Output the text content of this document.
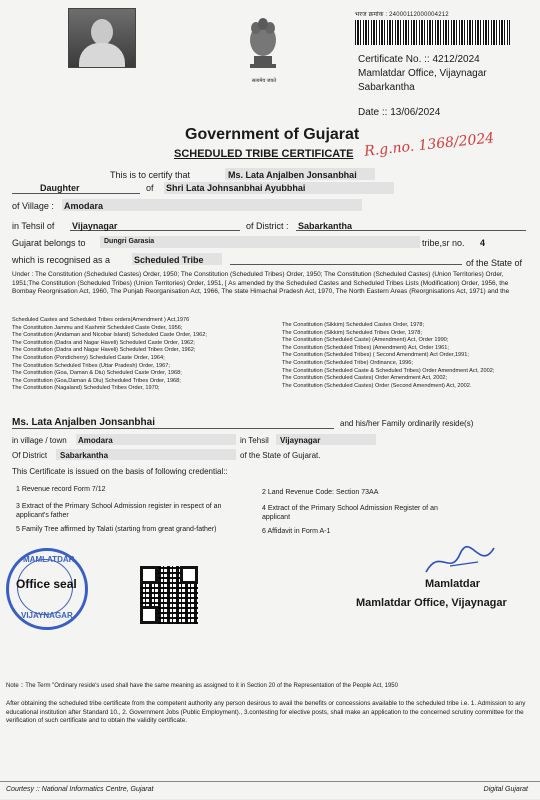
सत्यमेव जयते
भरज क्रमांक : 24000112000004212
Certificate No. :: 4212/2024
Mamlatdar Office, Vijaynagar
Sabarkantha
Date :: 13/06/2024
Government of Gujarat
SCHEDULED TRIBE CERTIFICATE R.g.no. 1368/2024
This is to certify that	Ms. Lata Anjalben Jonsanbhai
Daughter	of Shri Lata Johnsanbhai Ayubbhai
of Village : Amodara
in Tehsil of Vijaynagar	of District : Sabarkantha
Gujarat belongs to	Dungri Garasia	tribe,sr no. 4
which is recognised as a	Scheduled Tribe	of the State of
Under : The Constitution (Scheduled Castes) Order, 1950; The Constitution (Scheduled Tribes) Order, 1950; The Constitution (Scheduled Castes) (Union Territories) Order, 1951;The Constitution (Scheduled Tribes) (Union Territories) Order, 1951, [ As amended by the Scheduled Castes and Scheduled Tribes Lists (Modification) Order, 1956, the Bombay Reorgnisation Act, 1960, The Punjab Reorganisation Act, 1966, The state Himachal Pradesh Act, 1970, The North Eastern Areas (Reorgnisations Act, 1971) and the
Scheduled Castes and Scheduled Tribes orders(Amendment ) Act,1976
The Constitution Jammu and Kashmir Scheduled Caste Order, 1956;
The Constitution (Andaman and Nicobar Island) Scheduled Caste Order, 1962;
The Constitution (Dadra and Nagar Haveli) Scheduled Caste Order, 1962;
The Constitution (Dadra and Nagar Haveli) Scheduled Tribes Order, 1962;
The Constitution (Pondicherry) Scheduled Caste Order, 1964;
The Constitution Scheduled Tribes (Uttar Pradesh) Order, 1967;
The Constitution (Goa, Daman & Diu) Scheduled Caste Order, 1968;
The Constitution (Goa,Daman & Diu) Scheduled Tribes Order, 1968;
The Constitution (Nagaland) Scheduled Tribes Order, 1970;
The Constitution (Sikkim) Scheduled Castes Order, 1978;
The Constitution (Sikkim) Scheduled Tribes Order, 1978;
The Constitution (Scheduled Caste) (Amendment) Act, Order 1990;
The Constitution (Scheduled Tribes) (Amendment) Act, Order 1961;
The Constitution (Scheduled Tribes) ( Second Amendment) Act Order,1991;
The Constitution (Scheduled Tribe) Ordinance, 1996;
The Constitution (Scheduled Caste & Scheduled Tribes) Order Amendment Act, 2002;
The Constitution (Scheduled Castes) Order Amendment Act, 2002;
The Constitution (Scheduled Castes) Order (Second Amendment) Act, 2002.
Ms. Lata Anjalben Jonsanbhai	and his/her Family ordinarily reside(s)
in village / town Amodara	in Tehsil Vijaynagar
Of District Sabarkantha	of the State of Gujarat.
This Certificate is issued on the basis of following credential::
1 Revenue record Form 7/12
3 Extract of the Primary School Admission register in respect of an applicant's father
5 Family Tree affirmed by Talati (starting from great grand-father)
2 Land Revenue Code: Section 73AA
4 Extract of the Primary School Admission Register of an applicant
6 Affidavit in Form A-1
MAMLATDAR
VIJAYNAGAR
Office seal	Mamlatdar
Mamlatdar Office, Vijaynagar
Note :: The Term "Ordinary reside's used shall have the same meaning as assigned to it in Section 20 of the Representation of the People Act, 1950
After obtaining the scheduled tribe certificate from the competent authority any person desirous to avail the benefits or concessions available to the scheduled tribe i.e. 1. Admission to any educational institution after Standard 10., 2. Government Jobs (Public Employment)., 3.contesting for elective posts, shall make an application to the concerned scrutiny committee for the verification of such certificate and to obtain the validity certificate.
Courtesy :: National Informatics Centre, Gujarat	Digital Gujarat
